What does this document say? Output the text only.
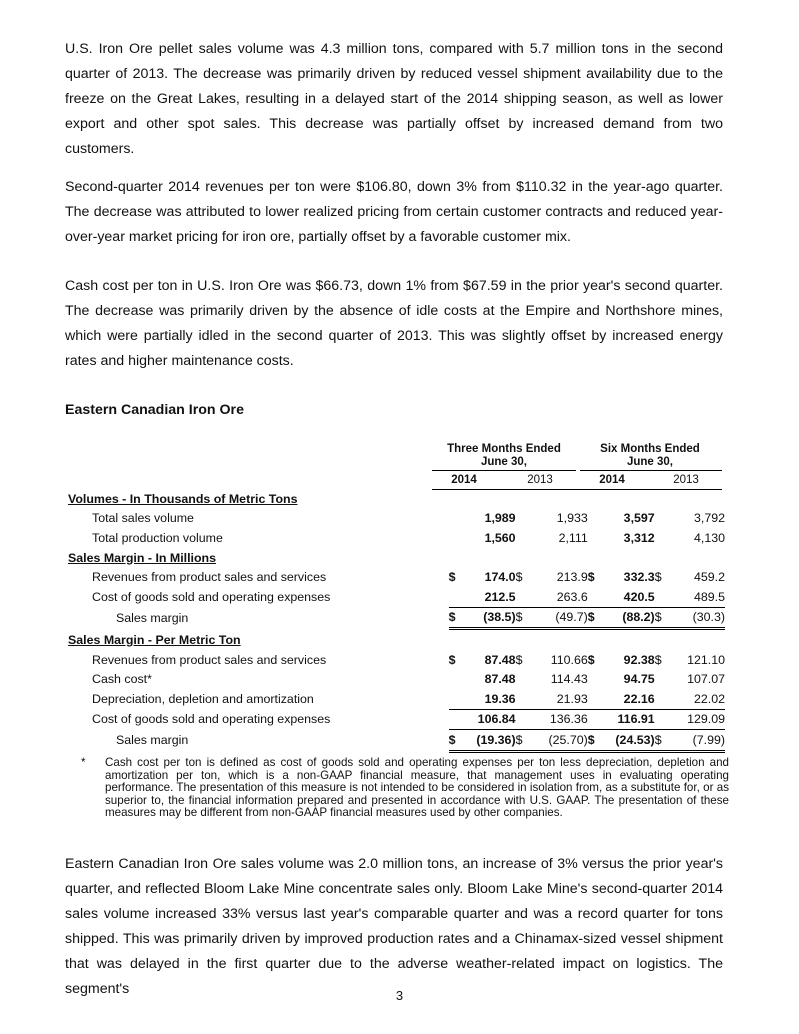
U.S. Iron Ore pellet sales volume was 4.3 million tons, compared with 5.7 million tons in the second quarter of 2013. The decrease was primarily driven by reduced vessel shipment availability due to the freeze on the Great Lakes, resulting in a delayed start of the 2014 shipping season, as well as lower export and other spot sales. This decrease was partially offset by increased demand from two customers.

Second-quarter 2014 revenues per ton were $106.80, down 3% from $110.32 in the year-ago quarter. The decrease was attributed to lower realized pricing from certain customer contracts and reduced year-over-year market pricing for iron ore, partially offset by a favorable customer mix.

Cash cost per ton in U.S. Iron Ore was $66.73, down 1% from $67.59 in the prior year's second quarter. The decrease was primarily driven by the absence of idle costs at the Empire and Northshore mines, which were partially idled in the second quarter of 2013. This was slightly offset by increased energy rates and higher maintenance costs.

Eastern Canadian Iron Ore

Three Months Ended
June 30,
Six Months Ended
June 30,
2014	2013	2014	2013
Volumes - In Thousands of Metric Tons								
Total sales volume		1,989		1,933		3,597		3,792
Total production volume		1,560		2,111		3,312		4,130
Sales Margin - In Millions								
Revenues from product sales and services	$	174.0	$	213.9	$	332.3	$	459.2
Cost of goods sold and operating expenses		212.5		263.6		420.5		489.5
Sales margin	$	(38.5)	$	(49.7)	$	(88.2)	$	(30.3)
Sales Margin - Per Metric Ton								
Revenues from product sales and services	$	87.48	$	110.66	$	92.38	$	121.10
Cash cost*		87.48		114.43		94.75		107.07
Depreciation, depletion and amortization		19.36		21.93		22.16		22.02
Cost of goods sold and operating expenses		106.84		136.36		116.91		129.09
Sales margin	$	(19.36)	$	(25.70)	$	(24.53)	$	(7.99)
* Cash cost per ton is defined as cost of goods sold and operating expenses per ton less depreciation, depletion and amortization per ton, which is a non-GAAP financial measure, that management uses in evaluating operating performance. The presentation of this measure is not intended to be considered in isolation from, as a substitute for, or as superior to, the financial information prepared and presented in accordance with U.S. GAAP. The presentation of these measures may be different from non-GAAP financial measures used by other companies.

Eastern Canadian Iron Ore sales volume was 2.0 million tons, an increase of 3% versus the prior year's quarter, and reflected Bloom Lake Mine concentrate sales only. Bloom Lake Mine's second-quarter 2014 sales volume increased 33% versus last year's comparable quarter and was a record quarter for tons shipped. This was primarily driven by improved production rates and a Chinamax-sized vessel shipment that was delayed in the first quarter due to the adverse weather-related impact on logistics. The segment's	3
